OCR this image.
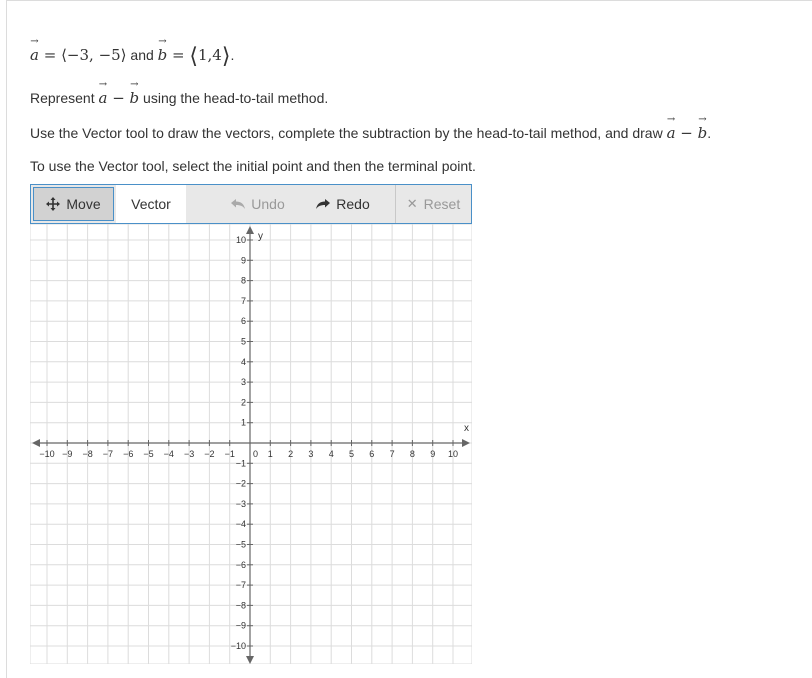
→ a = ⟨−3, −5⟩ and → b = ⟨1,4⟩.
Represent → a − → b using the head-to-tail method.
Use the Vector tool to draw the vectors, complete the subtraction by the head-to-tail method, and draw → a − → b.
To use the Vector tool, select the initial point and then the terminal point.
Move Vector	Undo	Redo	✕ Reset
x
y
−10 −9 −8 −7 −6 −5 −4 −3 −2 −1	1 2 3 4 5 6 7 8 9 10
10
9
8
7
6
5
4
3
2
1
−1
−2
−3
−4
−5
−6
−7
−8
−9
−10
0
